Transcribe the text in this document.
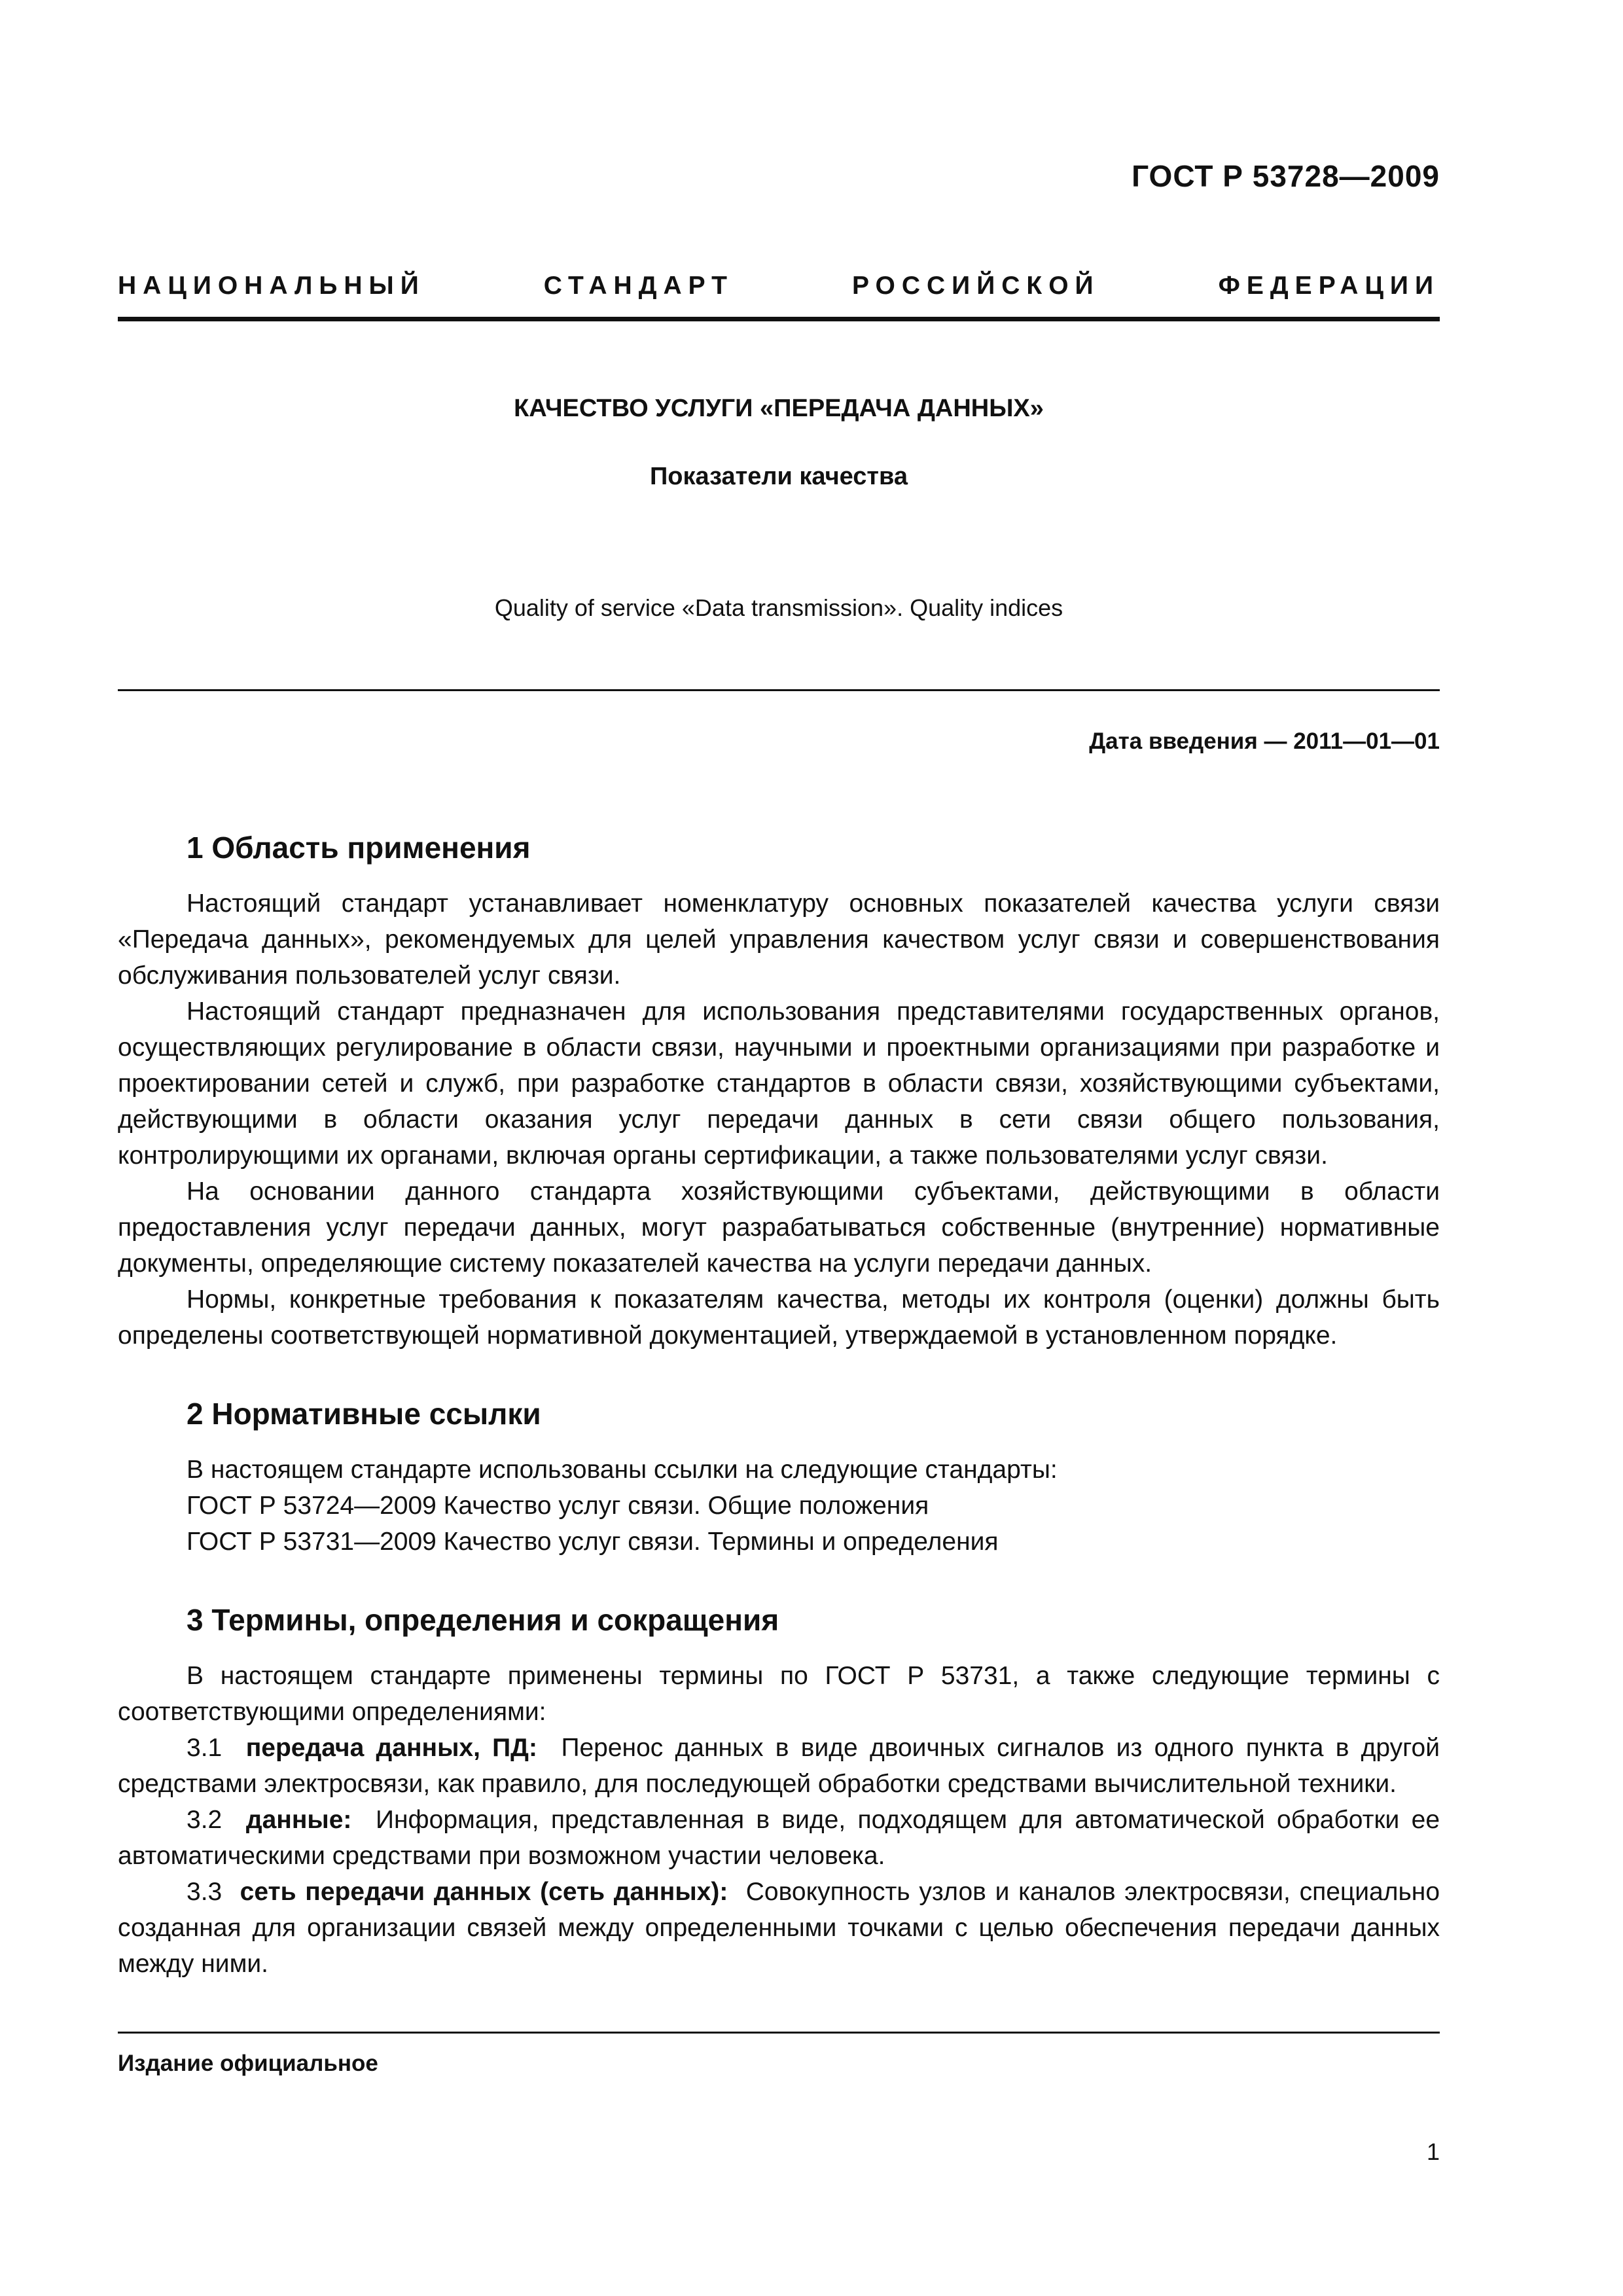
ГОСТ Р 53728—2009
НАЦИОНАЛЬНЫЙ СТАНДАРТ РОССИЙСКОЙ ФЕДЕРАЦИИ
КАЧЕСТВО УСЛУГИ «ПЕРЕДАЧА ДАННЫХ»
Показатели качества
Quality of service «Data transmission». Quality indices
Дата введения — 2011—01—01
1 Область применения

Настоящий стандарт устанавливает номенклатуру основных показателей качества услуги связи «Передача данных», рекомендуемых для целей управления качеством услуг связи и совершенствования обслуживания пользователей услуг связи.

Настоящий стандарт предназначен для использования представителями государственных органов, осуществляющих регулирование в области связи, научными и проектными организациями при разработке и проектировании сетей и служб, при разработке стандартов в области связи, хозяйствующими субъектами, действующими в области оказания услуг передачи данных в сети связи общего пользования, контролирующими их органами, включая органы сертификации, а также пользователями услуг связи.

На основании данного стандарта хозяйствующими субъектами, действующими в области предоставления услуг передачи данных, могут разрабатываться собственные (внутренние) нормативные документы, определяющие систему показателей качества на услуги передачи данных.

Нормы, конкретные требования к показателям качества, методы их контроля (оценки) должны быть определены соответствующей нормативной документацией, утверждаемой в установленном порядке.

2 Нормативные ссылки

В настоящем стандарте использованы ссылки на следующие стандарты:

ГОСТ Р 53724—2009 Качество услуг связи. Общие положения

ГОСТ Р 53731—2009 Качество услуг связи. Термины и определения

3 Термины, определения и сокращения

В настоящем стандарте применены термины по ГОСТ Р 53731, а также следующие термины с соответствующими определениями:

3.1 передача данных, ПД: Перенос данных в виде двоичных сигналов из одного пункта в другой средствами электросвязи, как правило, для последующей обработки средствами вычислительной техники.

3.2 данные: Информация, представленная в виде, подходящем для автоматической обработки ее автоматическими средствами при возможном участии человека.

3.3 сеть передачи данных (сеть данных): Совокупность узлов и каналов электросвязи, специально созданная для организации связей между определенными точками с целью обеспечения передачи данных между ними.

Издание официальное
1
